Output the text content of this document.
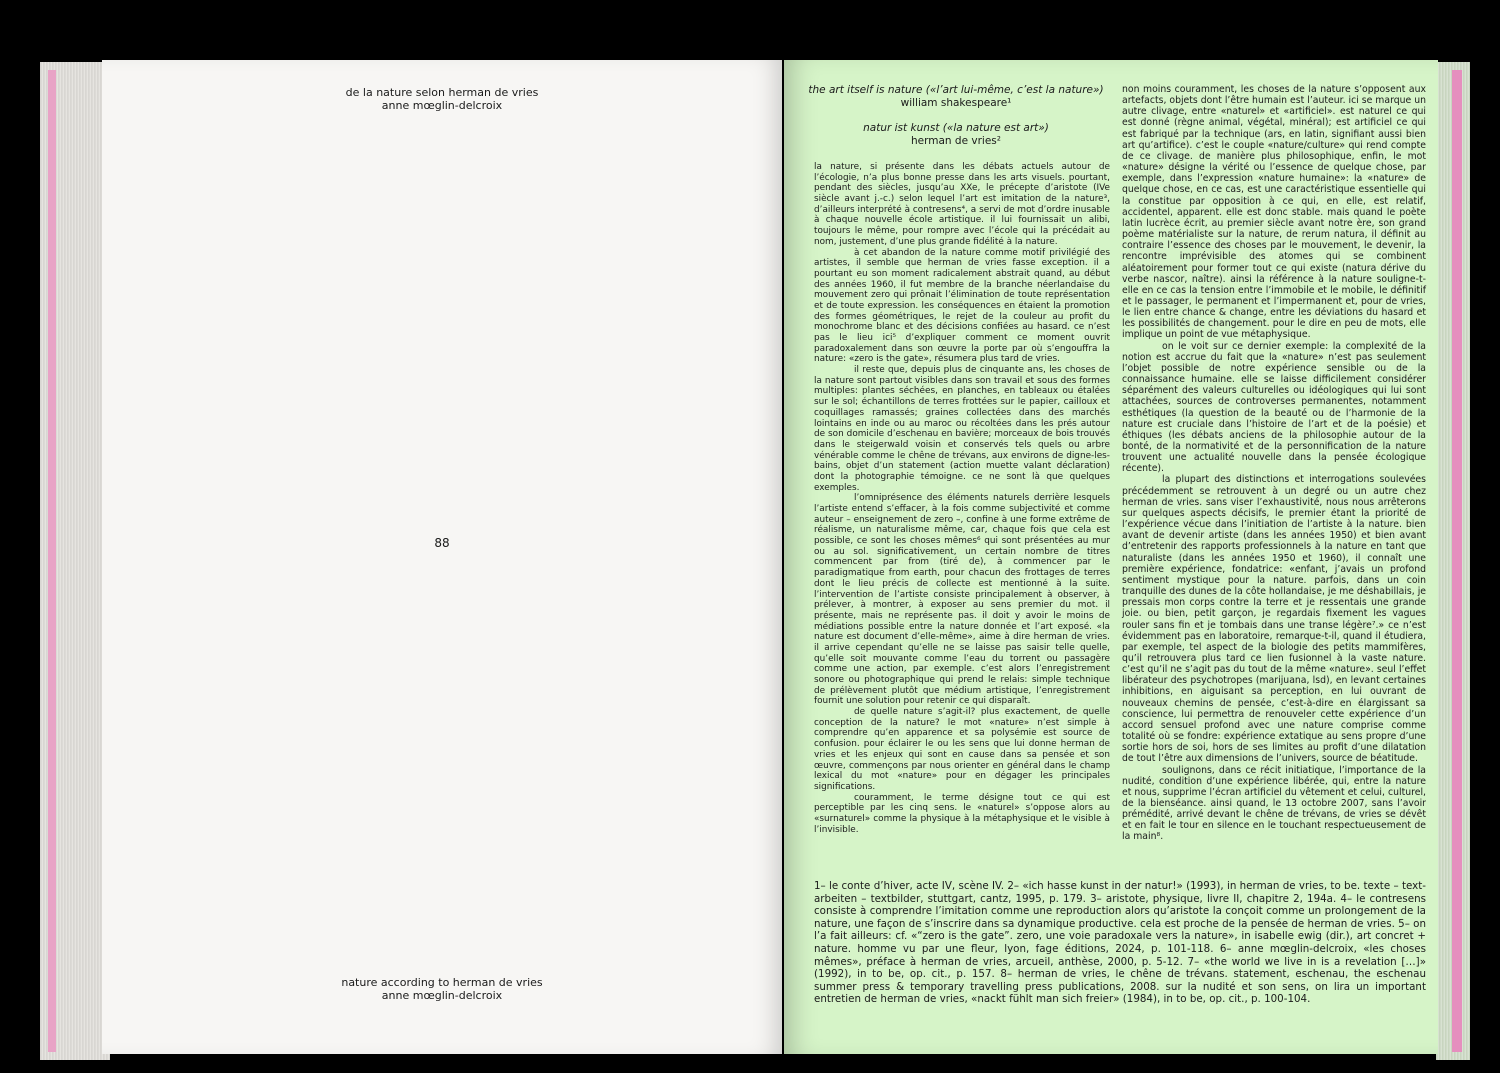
de la nature selon herman de vries
anne mœglin-delcroix
88
nature according to herman de vries
anne mœglin-delcroix
the art itself is nature («l’art lui-même, c’est la nature»)
william shakespeare¹
natur ist kunst («la nature est art»)
herman de vries²

la nature, si présente dans les débats actuels autour de l’écologie, n’a plus bonne presse dans les arts visuels. pourtant, pendant des siècles, jusqu’au XXe, le précepte d’aristote (IVe siècle avant j.-c.) selon lequel l’art est imitation de la nature³, d’ailleurs interprété à contresens⁴, a servi de mot d’ordre inusable à chaque nouvelle école artistique. il lui fournissait un alibi, toujours le même, pour rompre avec l’école qui la précédait au nom, justement, d’une plus grande fidélité à la nature.

à cet abandon de la nature comme motif privilégié des artistes, il semble que herman de vries fasse exception. il a pourtant eu son moment radicalement abstrait quand, au début des années 1960, il fut membre de la branche néerlandaise du mouvement zero qui prônait l’élimination de toute représentation et de toute expression. les conséquences en étaient la promotion des formes géométriques, le rejet de la couleur au profit du monochrome blanc et des décisions confiées au hasard. ce n’est pas le lieu ici⁵ d’expliquer comment ce moment ouvrit paradoxalement dans son œuvre la porte par où s’engouffra la nature: «zero is the gate», résumera plus tard de vries.

il reste que, depuis plus de cinquante ans, les choses de la nature sont partout visibles dans son travail et sous des formes multiples: plantes séchées, en planches, en tableaux ou étalées sur le sol; échantillons de terres frottées sur le papier, cailloux et coquillages ramassés; graines collectées dans des marchés lointains en inde ou au maroc ou récoltées dans les prés autour de son domicile d’eschenau en bavière; morceaux de bois trouvés dans le steigerwald voisin et conservés tels quels ou arbre vénérable comme le chêne de trévans, aux environs de digne-les-bains, objet d’un statement (action muette valant déclaration) dont la photographie témoigne. ce ne sont là que quelques exemples.

l’omniprésence des éléments naturels derrière lesquels l’artiste entend s’effacer, à la fois comme subjectivité et comme auteur – enseignement de zero –, confine à une forme extrême de réalisme, un naturalisme même, car, chaque fois que cela est possible, ce sont les choses mêmes⁶ qui sont présentées au mur ou au sol. significativement, un certain nombre de titres commencent par from (tiré de), à commencer par le paradigmatique from earth, pour chacun des frottages de terres dont le lieu précis de collecte est mentionné à la suite. l’intervention de l’artiste consiste principalement à observer, à prélever, à montrer, à exposer au sens premier du mot. il présente, mais ne représente pas. il doit y avoir le moins de médiations possible entre la nature donnée et l’art exposé. «la nature est document d’elle-même», aime à dire herman de vries. il arrive cependant qu’elle ne se laisse pas saisir telle quelle, qu’elle soit mouvante comme l’eau du torrent ou passagère comme une action, par exemple. c’est alors l’enregistrement sonore ou photographique qui prend le relais: simple technique de prélèvement plutôt que médium artistique, l’enregistrement fournit une solution pour retenir ce qui disparaît.

de quelle nature s’agit-il? plus exactement, de quelle conception de la nature? le mot «nature» n’est simple à comprendre qu’en apparence et sa polysémie est source de confusion. pour éclairer le ou les sens que lui donne herman de vries et les enjeux qui sont en cause dans sa pensée et son œuvre, commençons par nous orienter en général dans le champ lexical du mot «nature» pour en dégager les principales significations.

couramment, le terme désigne tout ce qui est perceptible par les cinq sens. le «naturel» s’oppose alors au «surnaturel» comme la physique à la métaphysique et le visible à l’invisible.

non moins couramment, les choses de la nature s’opposent aux artefacts, objets dont l’être humain est l’auteur. ici se marque un autre clivage, entre «naturel» et «artificiel». est naturel ce qui est donné (règne animal, végétal, minéral); est artificiel ce qui est fabriqué par la technique (ars, en latin, signifiant aussi bien art qu’artifice). c’est le couple «nature/culture» qui rend compte de ce clivage. de manière plus philosophique, enfin, le mot «nature» désigne la vérité ou l’essence de quelque chose, par exemple, dans l’expression «nature humaine»: la «nature» de quelque chose, en ce cas, est une caractéristique essentielle qui la constitue par opposition à ce qui, en elle, est relatif, accidentel, apparent. elle est donc stable. mais quand le poète latin lucrèce écrit, au premier siècle avant notre ère, son grand poème matérialiste sur la nature, de rerum natura, il définit au contraire l’essence des choses par le mouvement, le devenir, la rencontre imprévisible des atomes qui se combinent aléatoirement pour former tout ce qui existe (natura dérive du verbe nascor, naître). ainsi la référence à la nature souligne-t-elle en ce cas la tension entre l’immobile et le mobile, le définitif et le passager, le permanent et l’impermanent et, pour de vries, le lien entre chance & change, entre les déviations du hasard et les possibilités de changement. pour le dire en peu de mots, elle implique un point de vue métaphysique.

on le voit sur ce dernier exemple: la complexité de la notion est accrue du fait que la «nature» n’est pas seulement l’objet possible de notre expérience sensible ou de la connaissance humaine. elle se laisse difficilement considérer séparément des valeurs culturelles ou idéologiques qui lui sont attachées, sources de controverses permanentes, notamment esthétiques (la question de la beauté ou de l’harmonie de la nature est cruciale dans l’histoire de l’art et de la poésie) et éthiques (les débats anciens de la philosophie autour de la bonté, de la normativité et de la personnification de la nature trouvent une actualité nouvelle dans la pensée écologique récente).

la plupart des distinctions et interrogations soulevées précédemment se retrouvent à un degré ou un autre chez herman de vries. sans viser l’exhaustivité, nous nous arrêterons sur quelques aspects décisifs, le premier étant la priorité de l’expérience vécue dans l’initiation de l’artiste à la nature. bien avant de devenir artiste (dans les années 1950) et bien avant d’entretenir des rapports professionnels à la nature en tant que naturaliste (dans les années 1950 et 1960), il connaît une première expérience, fondatrice: «enfant, j’avais un profond sentiment mystique pour la nature. parfois, dans un coin tranquille des dunes de la côte hollandaise, je me déshabillais, je pressais mon corps contre la terre et je ressentais une grande joie. ou bien, petit garçon, je regardais fixement les vagues rouler sans fin et je tombais dans une transe légère⁷.» ce n’est évidemment pas en laboratoire, remarque-t-il, quand il étudiera, par exemple, tel aspect de la biologie des petits mammifères, qu’il retrouvera plus tard ce lien fusionnel à la vaste nature. c’est qu’il ne s’agit pas du tout de la même «nature». seul l’effet libérateur des psychotropes (marijuana, lsd), en levant certaines inhibitions, en aiguisant sa perception, en lui ouvrant de nouveaux chemins de pensée, c’est-à-dire en élargissant sa conscience, lui permettra de renouveler cette expérience d’un accord sensuel profond avec une nature comprise comme totalité où se fondre: expérience extatique au sens propre d’une sortie hors de soi, hors de ses limites au profit d’une dilatation de tout l’être aux dimensions de l’univers, source de béatitude.

soulignons, dans ce récit initiatique, l’importance de la nudité, condition d’une expérience libérée, qui, entre la nature et nous, supprime l’écran artificiel du vêtement et celui, culturel, de la bienséance. ainsi quand, le 13 octobre 2007, sans l’avoir prémédité, arrivé devant le chêne de trévans, de vries se dévêt et en fait le tour en silence en le touchant respectueusement de la main⁸.

1– le conte d’hiver, acte IV, scène IV. 2– «ich hasse kunst in der natur!» (1993), in herman de vries, to be. texte – text-arbeiten – textbilder, stuttgart, cantz, 1995, p. 179. 3– aristote, physique, livre II, chapitre 2, 194a. 4– le contresens consiste à comprendre l’imitation comme une reproduction alors qu’aristote la conçoit comme un prolongement de la nature, une façon de s’inscrire dans sa dynamique productive. cela est proche de la pensée de herman de vries. 5– on l’a fait ailleurs: cf. «“zero is the gate”. zero, une voie paradoxale vers la nature», in isabelle ewig (dir.), art concret + nature. homme vu par une fleur, lyon, fage éditions, 2024, p. 101-118. 6– anne mœglin-delcroix, «les choses mêmes», préface à herman de vries, arcueil, anthèse, 2000, p. 5-12. 7– «the world we live in is a revelation […]» (1992), in to be, op. cit., p. 157. 8– herman de vries, le chêne de trévans. statement, eschenau, the eschenau summer press & temporary travelling press publications, 2008. sur la nudité et son sens, on lira un important entretien de herman de vries, «nackt fühlt man sich freier» (1984), in to be, op. cit., p. 100-104.
